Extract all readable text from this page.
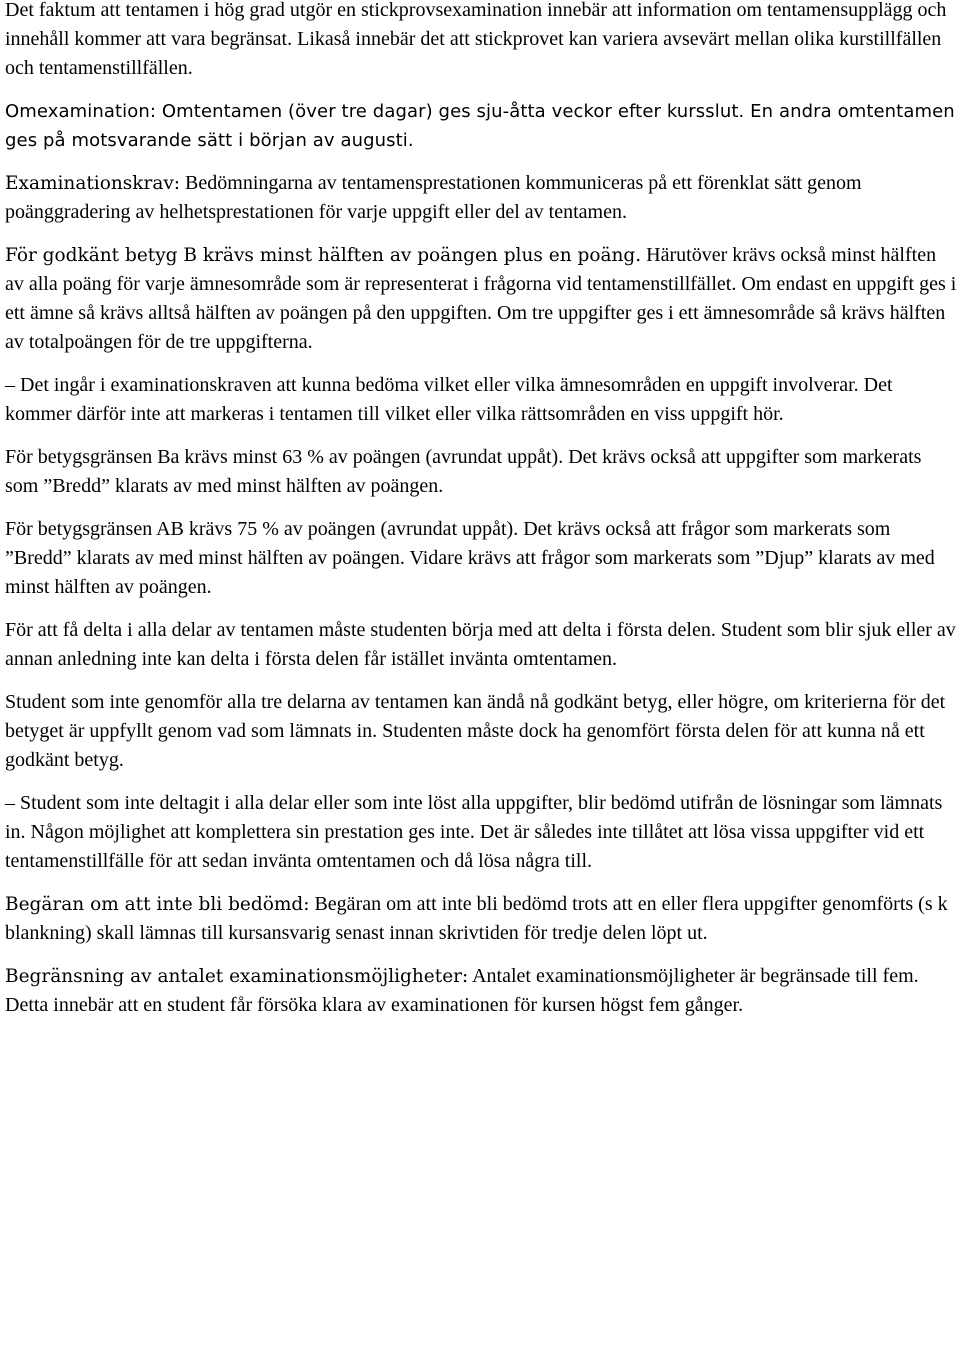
Det faktum att tentamen i hög grad utgör en stickprovsexamination innebär att information om tentamensupplägg och innehåll kommer att vara begränsat. Likaså innebär det att stickprovet kan variera avsevärt mellan olika kurstillfällen och tentamenstillfällen.

Omexamination: Omtentamen (över tre dagar) ges sju-åtta veckor efter kursslut. En andra omtentamen ges på motsvarande sätt i början av augusti.

Examinationskrav: Bedömningarna av tentamensprestationen kommuniceras på ett förenklat sätt genom poänggradering av helhetsprestationen för varje uppgift eller del av tentamen.

För godkänt betyg B krävs minst hälften av poängen plus en poäng. Härutöver krävs också minst hälften av alla poäng för varje ämnesområde som är representerat i frågorna vid tentamenstillfället. Om endast en uppgift ges i ett ämne så krävs alltså hälften av poängen på den uppgiften. Om tre uppgifter ges i ett ämnesområde så krävs hälften av totalpoängen för de tre uppgifterna.

– Det ingår i examinationskraven att kunna bedöma vilket eller vilka ämnesområden en uppgift involverar. Det kommer därför inte att markeras i tentamen till vilket eller vilka rättsområden en viss uppgift hör.

För betygsgränsen Ba krävs minst 63 % av poängen (avrundat uppåt). Det krävs också att uppgifter som markerats som ”Bredd” klarats av med minst hälften av poängen.

För betygsgränsen AB krävs 75 % av poängen (avrundat uppåt). Det krävs också att frågor som markerats som ”Bredd” klarats av med minst hälften av poängen. Vidare krävs att frågor som markerats som ”Djup” klarats av med minst hälften av poängen.

För att få delta i alla delar av tentamen måste studenten börja med att delta i första delen. Student som blir sjuk eller av annan anledning inte kan delta i första delen får istället invänta omtentamen.

Student som inte genomför alla tre delarna av tentamen kan ändå nå godkänt betyg, eller högre, om kriterierna för det betyget är uppfyllt genom vad som lämnats in. Studenten måste dock ha genomfört första delen för att kunna nå ett godkänt betyg.

– Student som inte deltagit i alla delar eller som inte löst alla uppgifter, blir bedömd utifrån de lösningar som lämnats in. Någon möjlighet att komplettera sin prestation ges inte. Det är således inte tillåtet att lösa vissa uppgifter vid ett tentamenstillfälle för att sedan invänta omtentamen och då lösa några till.

Begäran om att inte bli bedömd: Begäran om att inte bli bedömd trots att en eller flera uppgifter genomförts (s k blankning) skall lämnas till kursansvarig senast innan skrivtiden för tredje delen löpt ut.

Begränsning av antalet examinationsmöjligheter: Antalet examinationsmöjligheter är begränsade till fem. Detta innebär att en student får försöka klara av examinationen för kursen högst fem gånger.
